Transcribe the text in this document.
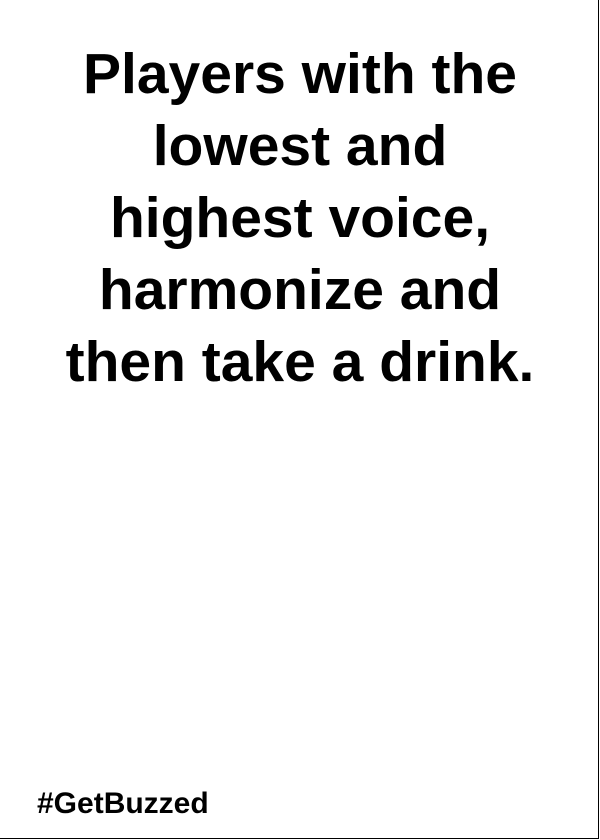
Players with the
lowest and
highest voice,
harmonize and
then take a drink.

#GetBuzzed
